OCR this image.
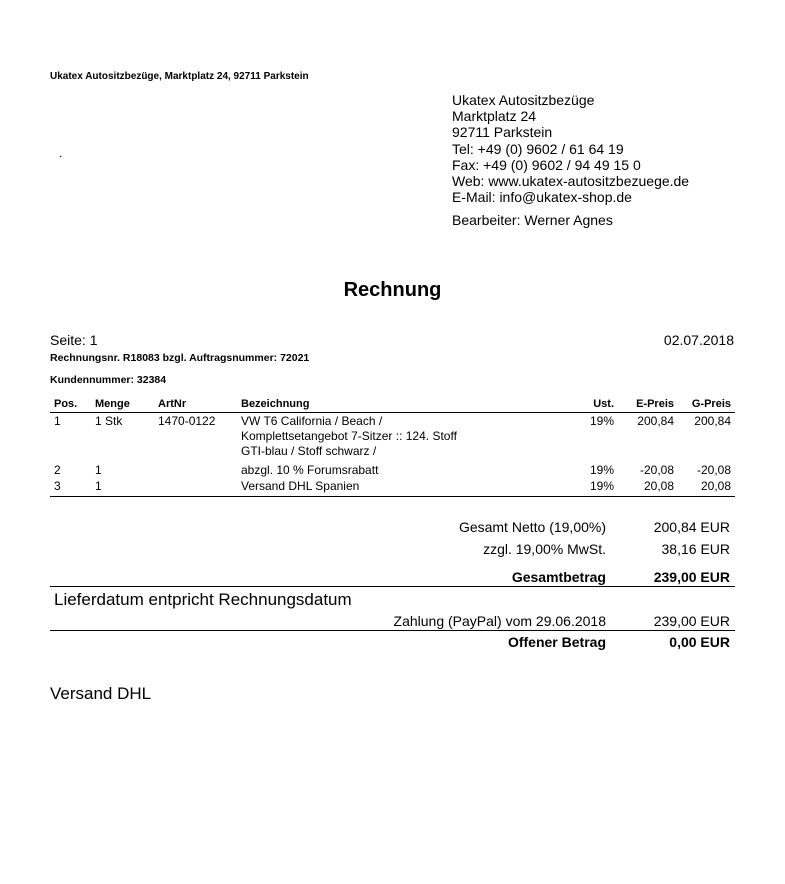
Ukatex Autositzbezüge, Marktplatz 24, 92711 Parkstein
.
Ukatex Autositzbezüge
Marktplatz 24
92711 Parkstein
Tel: +49 (0) 9602 / 61 64 19
Fax: +49 (0) 9602 / 94 49 15 0
Web: www.ukatex-autositzbezuege.de
E-Mail: info@ukatex-shop.de
Bearbeiter: Werner Agnes
Rechnung
Seite: 1	02.07.2018
Rechnungsnr. R18083 bzgl. Auftragsnummer: 72021
Kundennummer: 32384
Pos.	Menge	ArtNr	Bezeichnung	Ust.	E-Preis	G-Preis
1	1 Stk	1470-0122	VW T6 California / Beach /
Komplettsetangebot 7-Sitzer :: 124. Stoff
GTI-blau / Stoff schwarz /	19%	200,84	200,84
2	1		abzgl. 10 % Forumsrabatt	19%	-20,08	-20,08
3	1		Versand DHL Spanien	19%	20,08	20,08
Gesamt Netto (19,00%)	200,84 EUR
zzgl. 19,00% MwSt.	38,16 EUR
Gesamtbetrag	239,00 EUR
Lieferdatum entpricht Rechnungsdatum
Zahlung (PayPal) vom 29.06.2018	239,00 EUR
Offener Betrag	0,00 EUR
Versand DHL
